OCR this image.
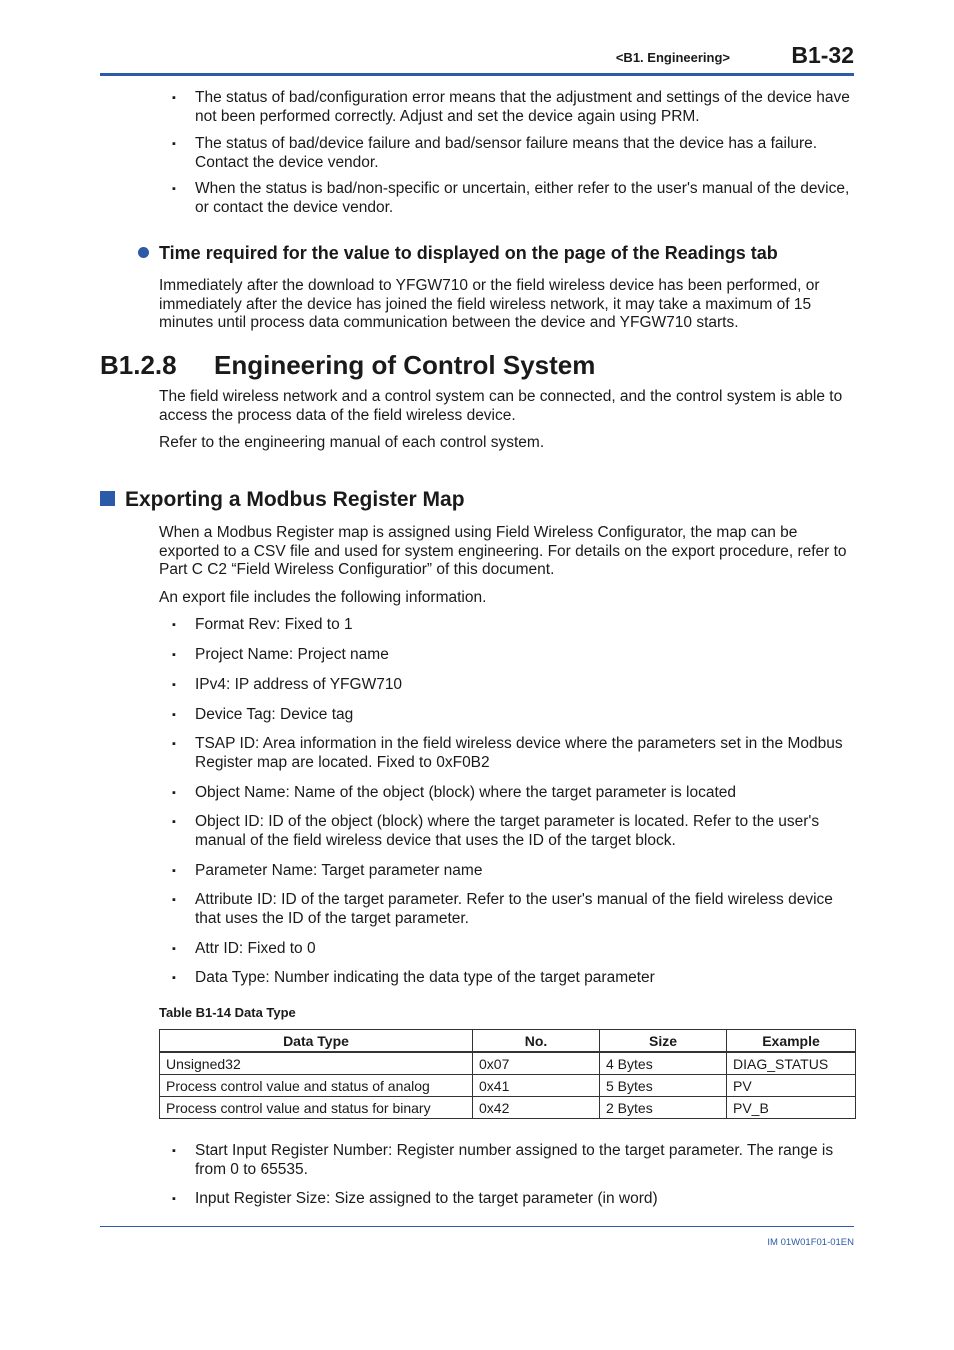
<B1. Engineering>	B1-32
▪ The status of bad/configuration error means that the adjustment and settings of the device have not been performed correctly. Adjust and set the device again using PRM.
▪ The status of bad/device failure and bad/sensor failure means that the device has a failure. Contact the device vendor.
▪ When the status is bad/non-specific or uncertain, either refer to the user's manual of the device, or contact the device vendor.
Time required for the value to displayed on the page of the Readings tab
Immediately after the download to YFGW710 or the field wireless device has been performed, or immediately after the device has joined the field wireless network, it may take a maximum of 15 minutes until process data communication between the device and YFGW710 starts.
B1.2.8 Engineering of Control System
The field wireless network and a control system can be connected, and the control system is able to access the process data of the field wireless device.
Refer to the engineering manual of each control system.
Exporting a Modbus Register Map
When a Modbus Register map is assigned using Field Wireless Configurator, the map can be exported to a CSV file and used for system engineering. For details on the export procedure, refer to Part C C2 “Field Wireless Configuratior” of this document.
An export file includes the following information.
▪ Format Rev: Fixed to 1
▪ Project Name: Project name
▪ IPv4: IP address of YFGW710
▪ Device Tag: Device tag
▪ TSAP ID: Area information in the field wireless device where the parameters set in the Modbus Register map are located. Fixed to 0xF0B2
▪ Object Name: Name of the object (block) where the target parameter is located
▪ Object ID: ID of the object (block) where the target parameter is located. Refer to the user's manual of the field wireless device that uses the ID of the target block.
▪ Parameter Name: Target parameter name
▪ Attribute ID: ID of the target parameter. Refer to the user's manual of the field wireless device that uses the ID of the target parameter.
▪ Attr ID: Fixed to 0
▪ Data Type: Number indicating the data type of the target parameter
Table B1-14 Data Type
Data Type	No.	Size	Example
Unsigned32	0x07	4 Bytes	DIAG_STATUS
Process control value and status of analog	0x41	5 Bytes	PV
Process control value and status for binary	0x42	2 Bytes	PV_B
▪ Start Input Register Number: Register number assigned to the target parameter. The range is from 0 to 65535.
▪ Input Register Size: Size assigned to the target parameter (in word)
IM 01W01F01-01EN
